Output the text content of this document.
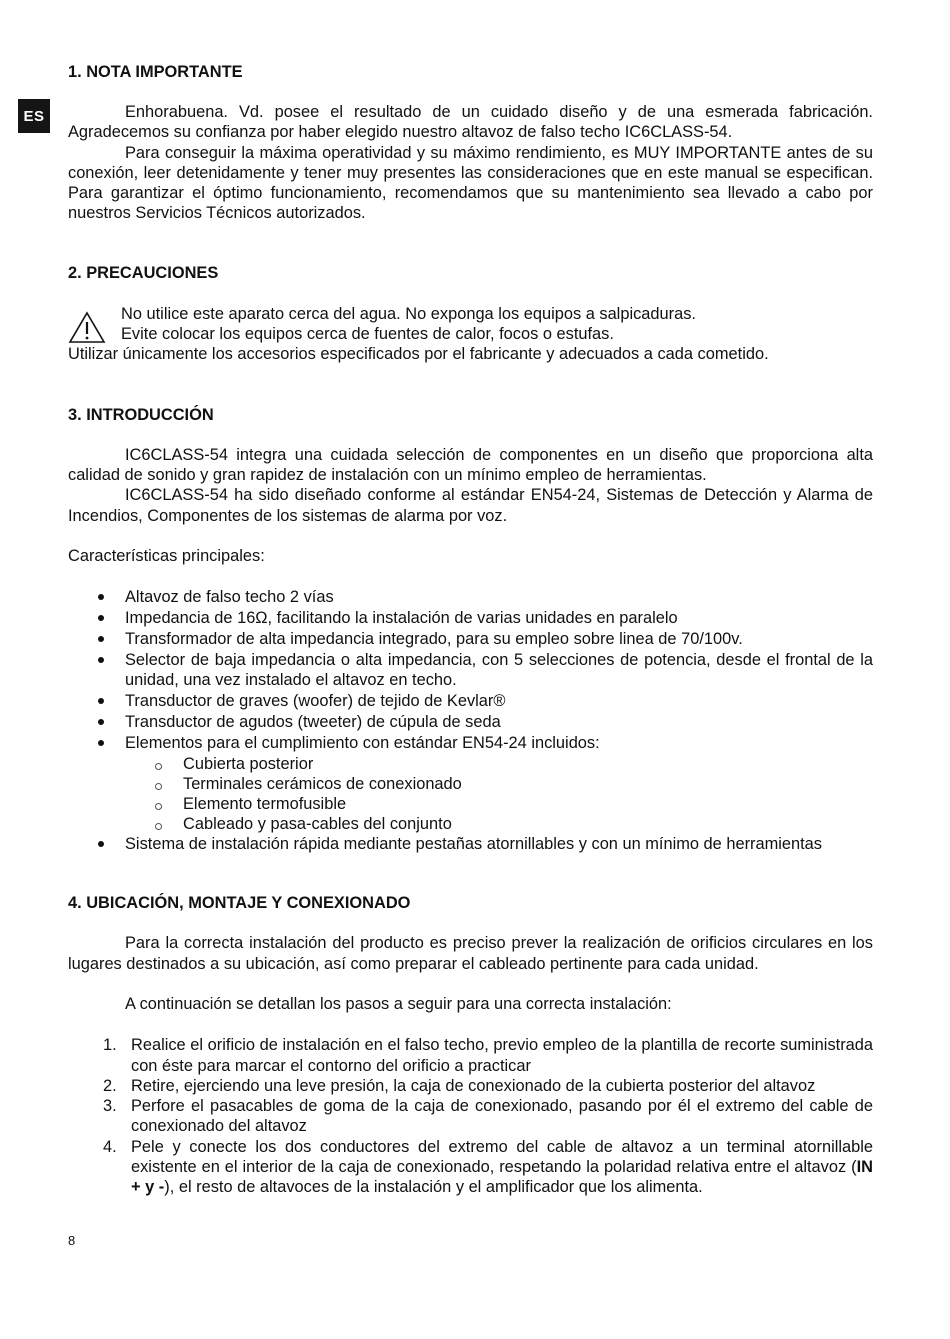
ES
1. NOTA IMPORTANTE

Enhorabuena. Vd. posee el resultado de un cuidado diseño y de una esmerada fabricación. Agradecemos su confianza por haber elegido nuestro altavoz de falso techo IC6CLASS-54.

Para conseguir la máxima operatividad y su máximo rendimiento, es MUY IMPORTANTE antes de su conexión, leer detenidamente y tener muy presentes las consideraciones que en este manual se especifican. Para garantizar el óptimo funcionamiento, recomendamos que su mantenimiento sea llevado a cabo por nuestros Servicios Técnicos autorizados.

2. PRECAUCIONES

No utilice este aparato cerca del agua. No exponga los equipos a salpicaduras.

Evite colocar los equipos cerca de fuentes de calor, focos o estufas.

Utilizar únicamente los accesorios especificados por el fabricante y adecuados a cada cometido.

3. INTRODUCCIÓN

IC6CLASS-54 integra una cuidada selección de componentes en un diseño que proporciona alta calidad de sonido y gran rapidez de instalación con un mínimo empleo de herramientas.

IC6CLASS-54 ha sido diseñado conforme al estándar EN54-24, Sistemas de Detección y Alarma de Incendios, Componentes de los sistemas de alarma por voz.

Características principales:

Altavoz de falso techo 2 vías
Impedancia de 16Ω, facilitando la instalación de varias unidades en paralelo
Transformador de alta impedancia integrado, para su empleo sobre linea de 70/100v.
Selector de baja impedancia o alta impedancia, con 5 selecciones de potencia, desde el frontal de la unidad, una vez instalado el altavoz en techo.
Transductor de graves (woofer) de tejido de Kevlar®
Transductor de agudos (tweeter) de cúpula de seda
Elementos para el cumplimiento con estándar EN54-24 incluidos:
Cubierta posterior
Terminales cerámicos de conexionado
Elemento termofusible
Cableado y pasa-cables del conjunto
Sistema de instalación rápida mediante pestañas atornillables y con un mínimo de herramientas
4. UBICACIÓN, MONTAJE Y CONEXIONADO

Para la correcta instalación del producto es preciso prever la realización de orificios circulares en los lugares destinados a su ubicación, así como preparar el cableado pertinente para cada unidad.

A continuación se detallan los pasos a seguir para una correcta instalación:

1. Realice el orificio de instalación en el falso techo, previo empleo de la plantilla de recorte suministrada con éste para marcar el contorno del orificio a practicar
2. Retire, ejerciendo una leve presión, la caja de conexionado de la cubierta posterior del altavoz
3. Perfore el pasacables de goma de la caja de conexionado, pasando por él el extremo del cable de conexionado del altavoz
4. Pele y conecte los dos conductores del extremo del cable de altavoz a un terminal atornillable existente en el interior de la caja de conexionado, respetando la polaridad relativa entre el altavoz (IN + y -), el resto de altavoces de la instalación y el amplificador que los alimenta.
8
